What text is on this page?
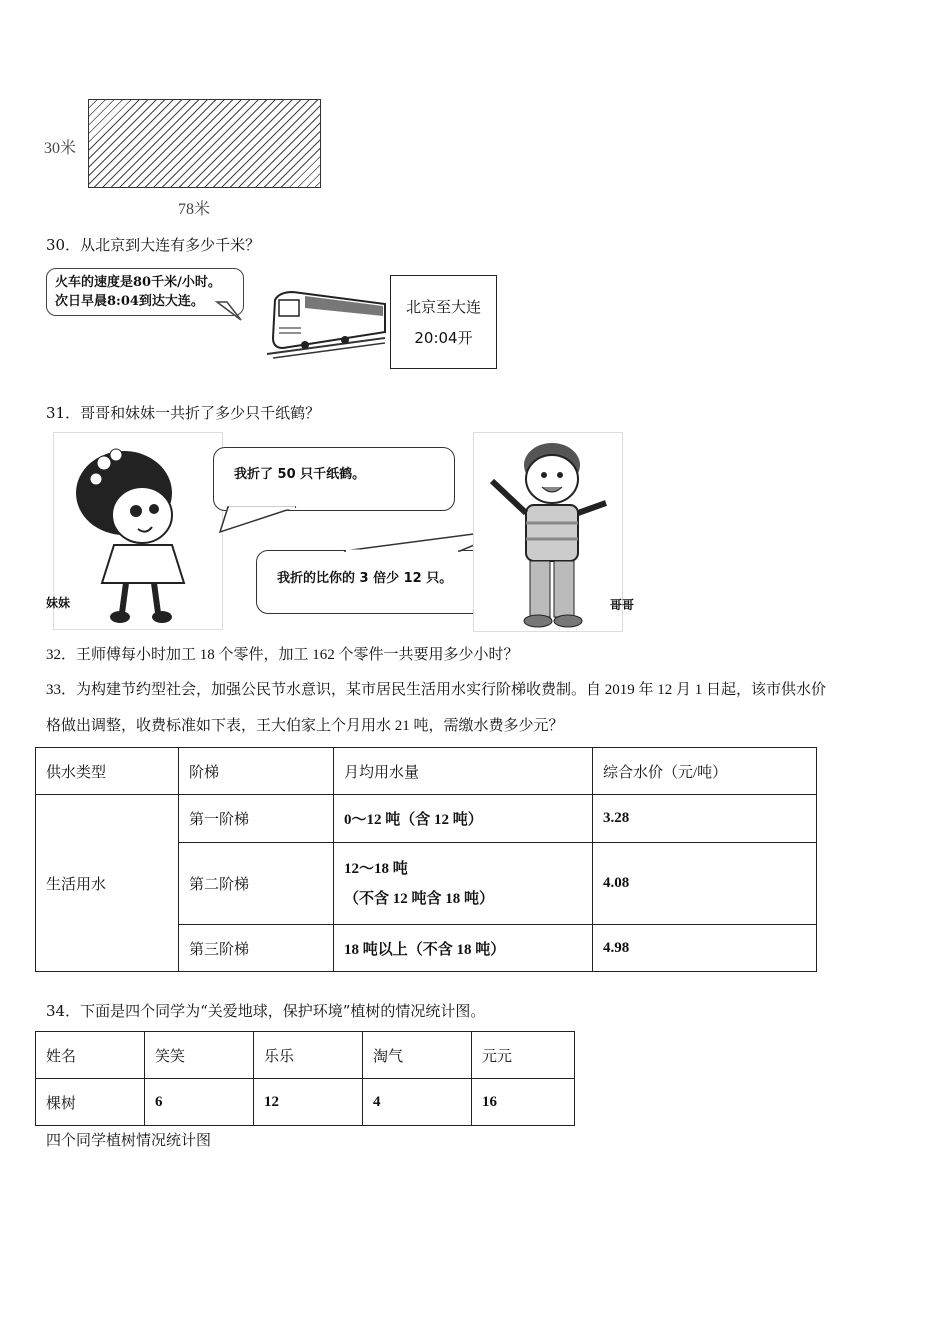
30米
78米
30．从北京到大连有多少千米？
火车的速度是80千米/小时。
次日早晨8:04到达大连。	北京至大连
20:04开
31．哥哥和妹妹一共折了多少只千纸鹤？
妹妹
我折了 50 只千纸鹤。
我折的比你的 3 倍少 12 只。
哥哥
32．王师傅每小时加工 18 个零件，加工 162 个零件一共要用多少小时？
33．为构建节约型社会，加强公民节水意识，某市居民生活用水实行阶梯收费制。自 2019 年 12 月 1 日起，该市供水价
格做出调整，收费标准如下表，王大伯家上个月用水 21 吨，需缴水费多少元？
供水类型	阶梯	月均用水量	综合水价（元/吨）
生活用水	第一阶梯	0～12 吨（含 12 吨）	3.28
	第二阶梯	12～18 吨
（不含 12 吨含 18 吨）	4.08
	第三阶梯	18 吨以上（不含 18 吨）	4.98
34．下面是四个同学为“关爱地球，保护环境”植树的情况统计图。
姓名	笑笑	乐乐	淘气	元元
棵树	6	12	4	16
四个同学植树情况统计图
